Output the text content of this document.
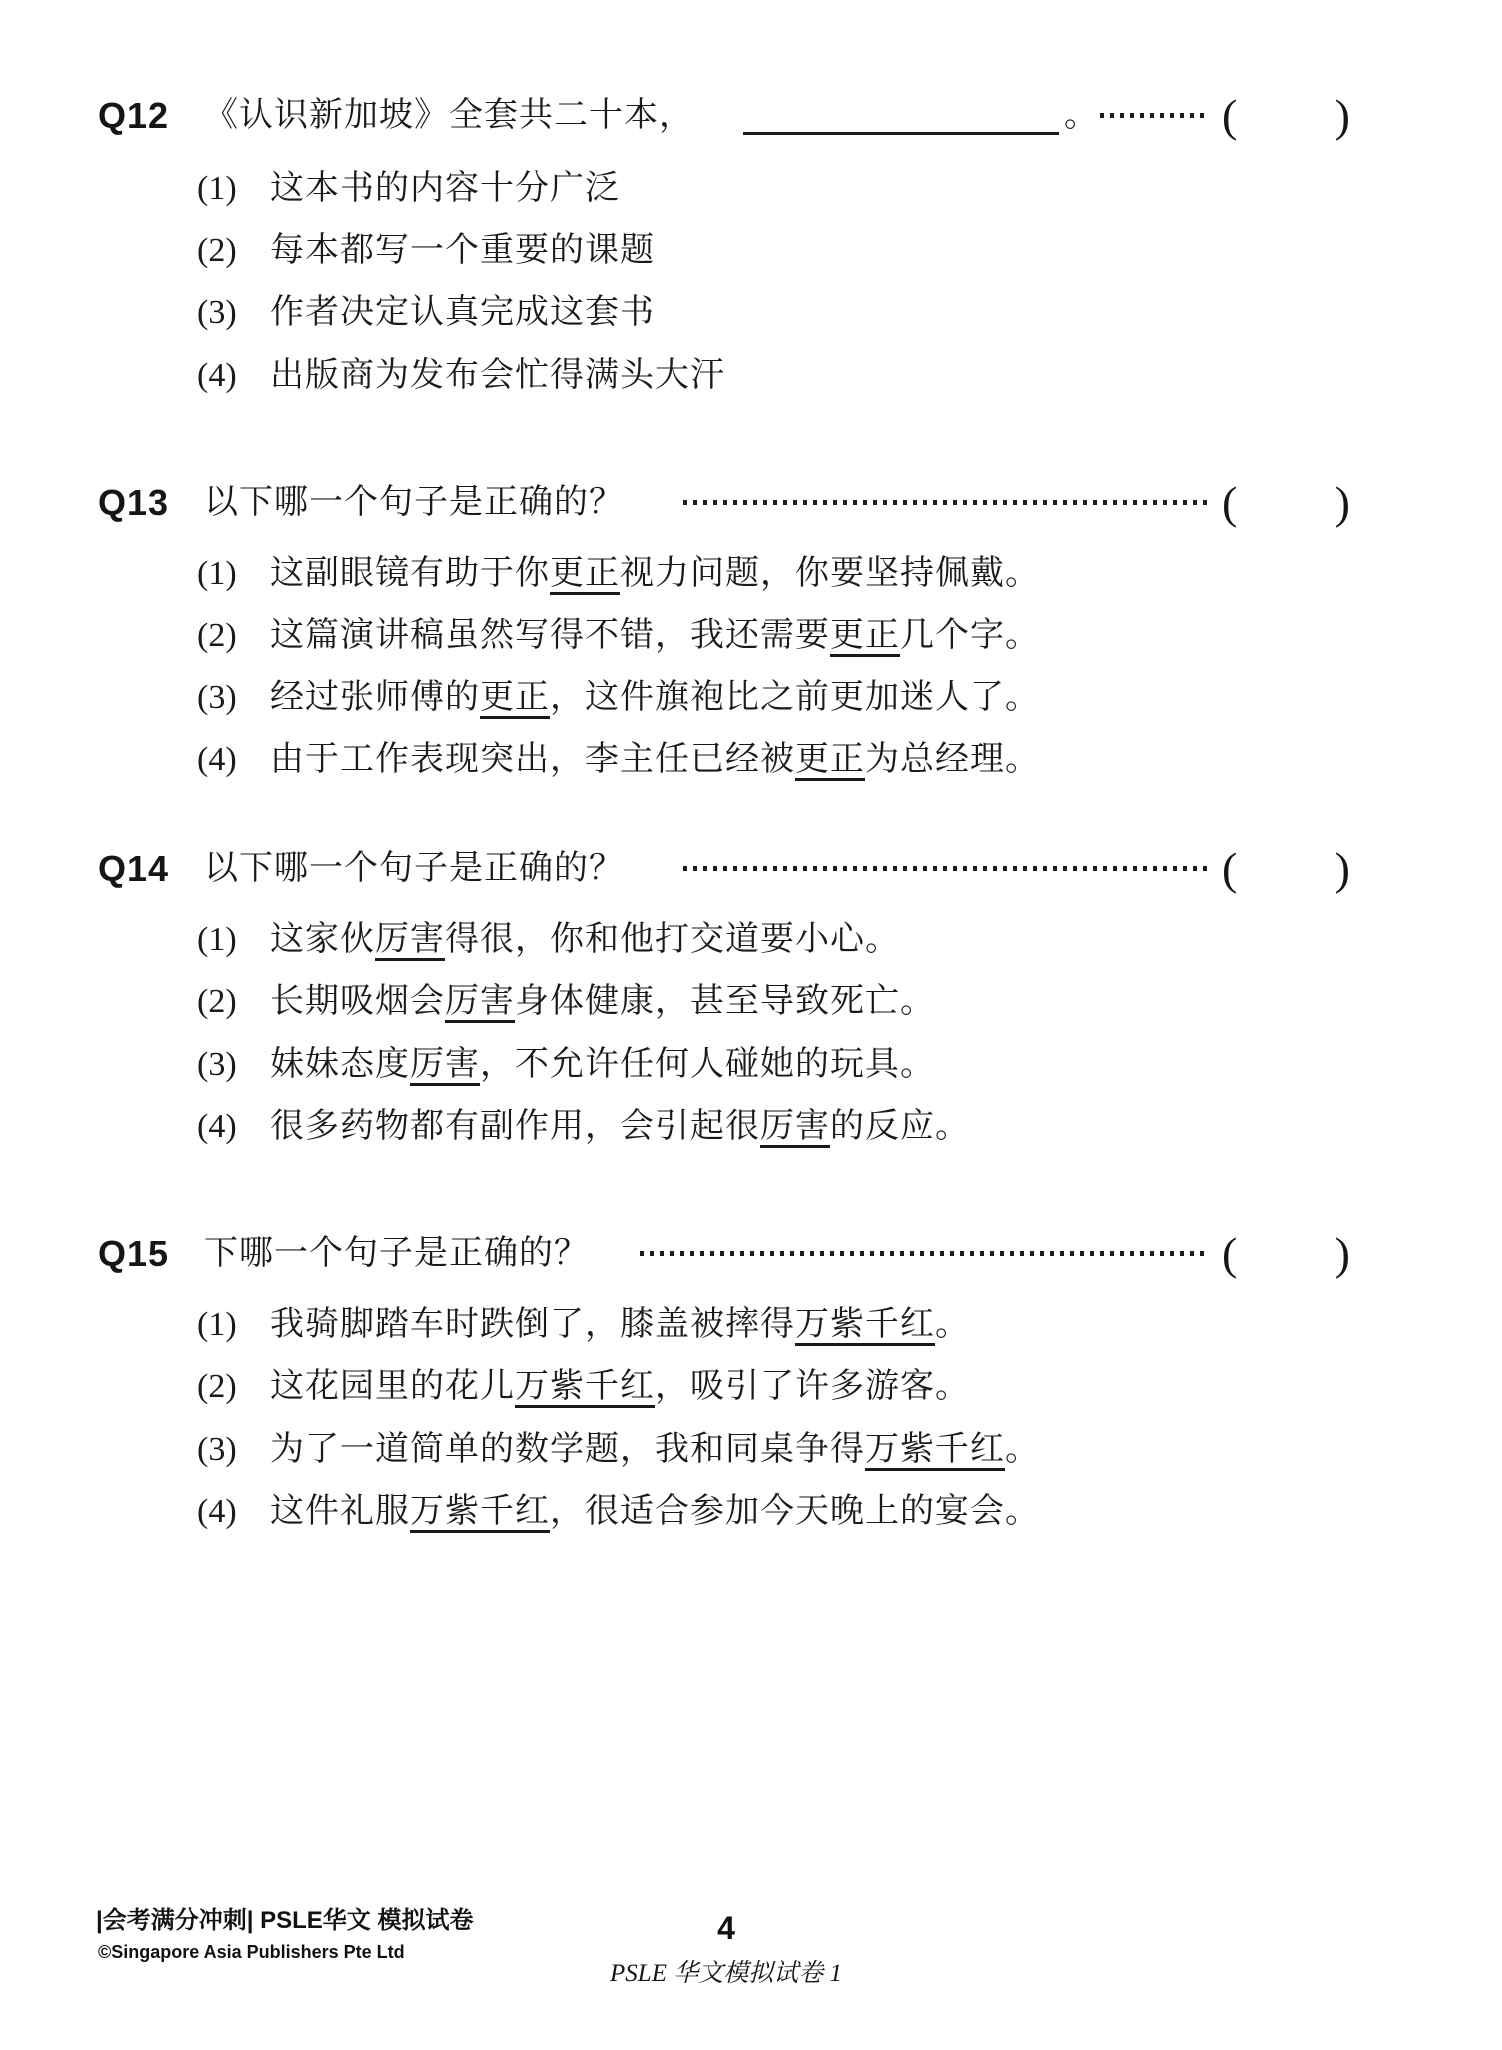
Q12 《认识新加坡》全套共二十本，	。	( )
(1) 这本书的内容十分广泛
(2) 每本都写一个重要的课题
(3) 作者决定认真完成这套书
(4) 出版商为发布会忙得满头大汗
Q13 以下哪一个句子是正确的？	( )
(1) 这副眼镜有助于你更正视力问题，你要坚持佩戴。
(2) 这篇演讲稿虽然写得不错，我还需要更正几个字。
(3) 经过张师傅的更正，这件旗袍比之前更加迷人了。
(4) 由于工作表现突出，李主任已经被更正为总经理。
Q14 以下哪一个句子是正确的？	( )
(1) 这家伙厉害得很，你和他打交道要小心。
(2) 长期吸烟会厉害身体健康，甚至导致死亡。
(3) 妹妹态度厉害，不允许任何人碰她的玩具。
(4) 很多药物都有副作用，会引起很厉害的反应。
Q15 下哪一个句子是正确的？	( )
(1) 我骑脚踏车时跌倒了，膝盖被摔得万紫千红。
(2) 这花园里的花儿万紫千红，吸引了许多游客。
(3) 为了一道简单的数学题，我和同桌争得万紫千红。
(4) 这件礼服万紫千红，很适合参加今天晚上的宴会。
|会考满分冲刺| PSLE华文 模拟试卷
©Singapore Asia Publishers Pte Ltd
4
PSLE 华文模拟试卷 1
